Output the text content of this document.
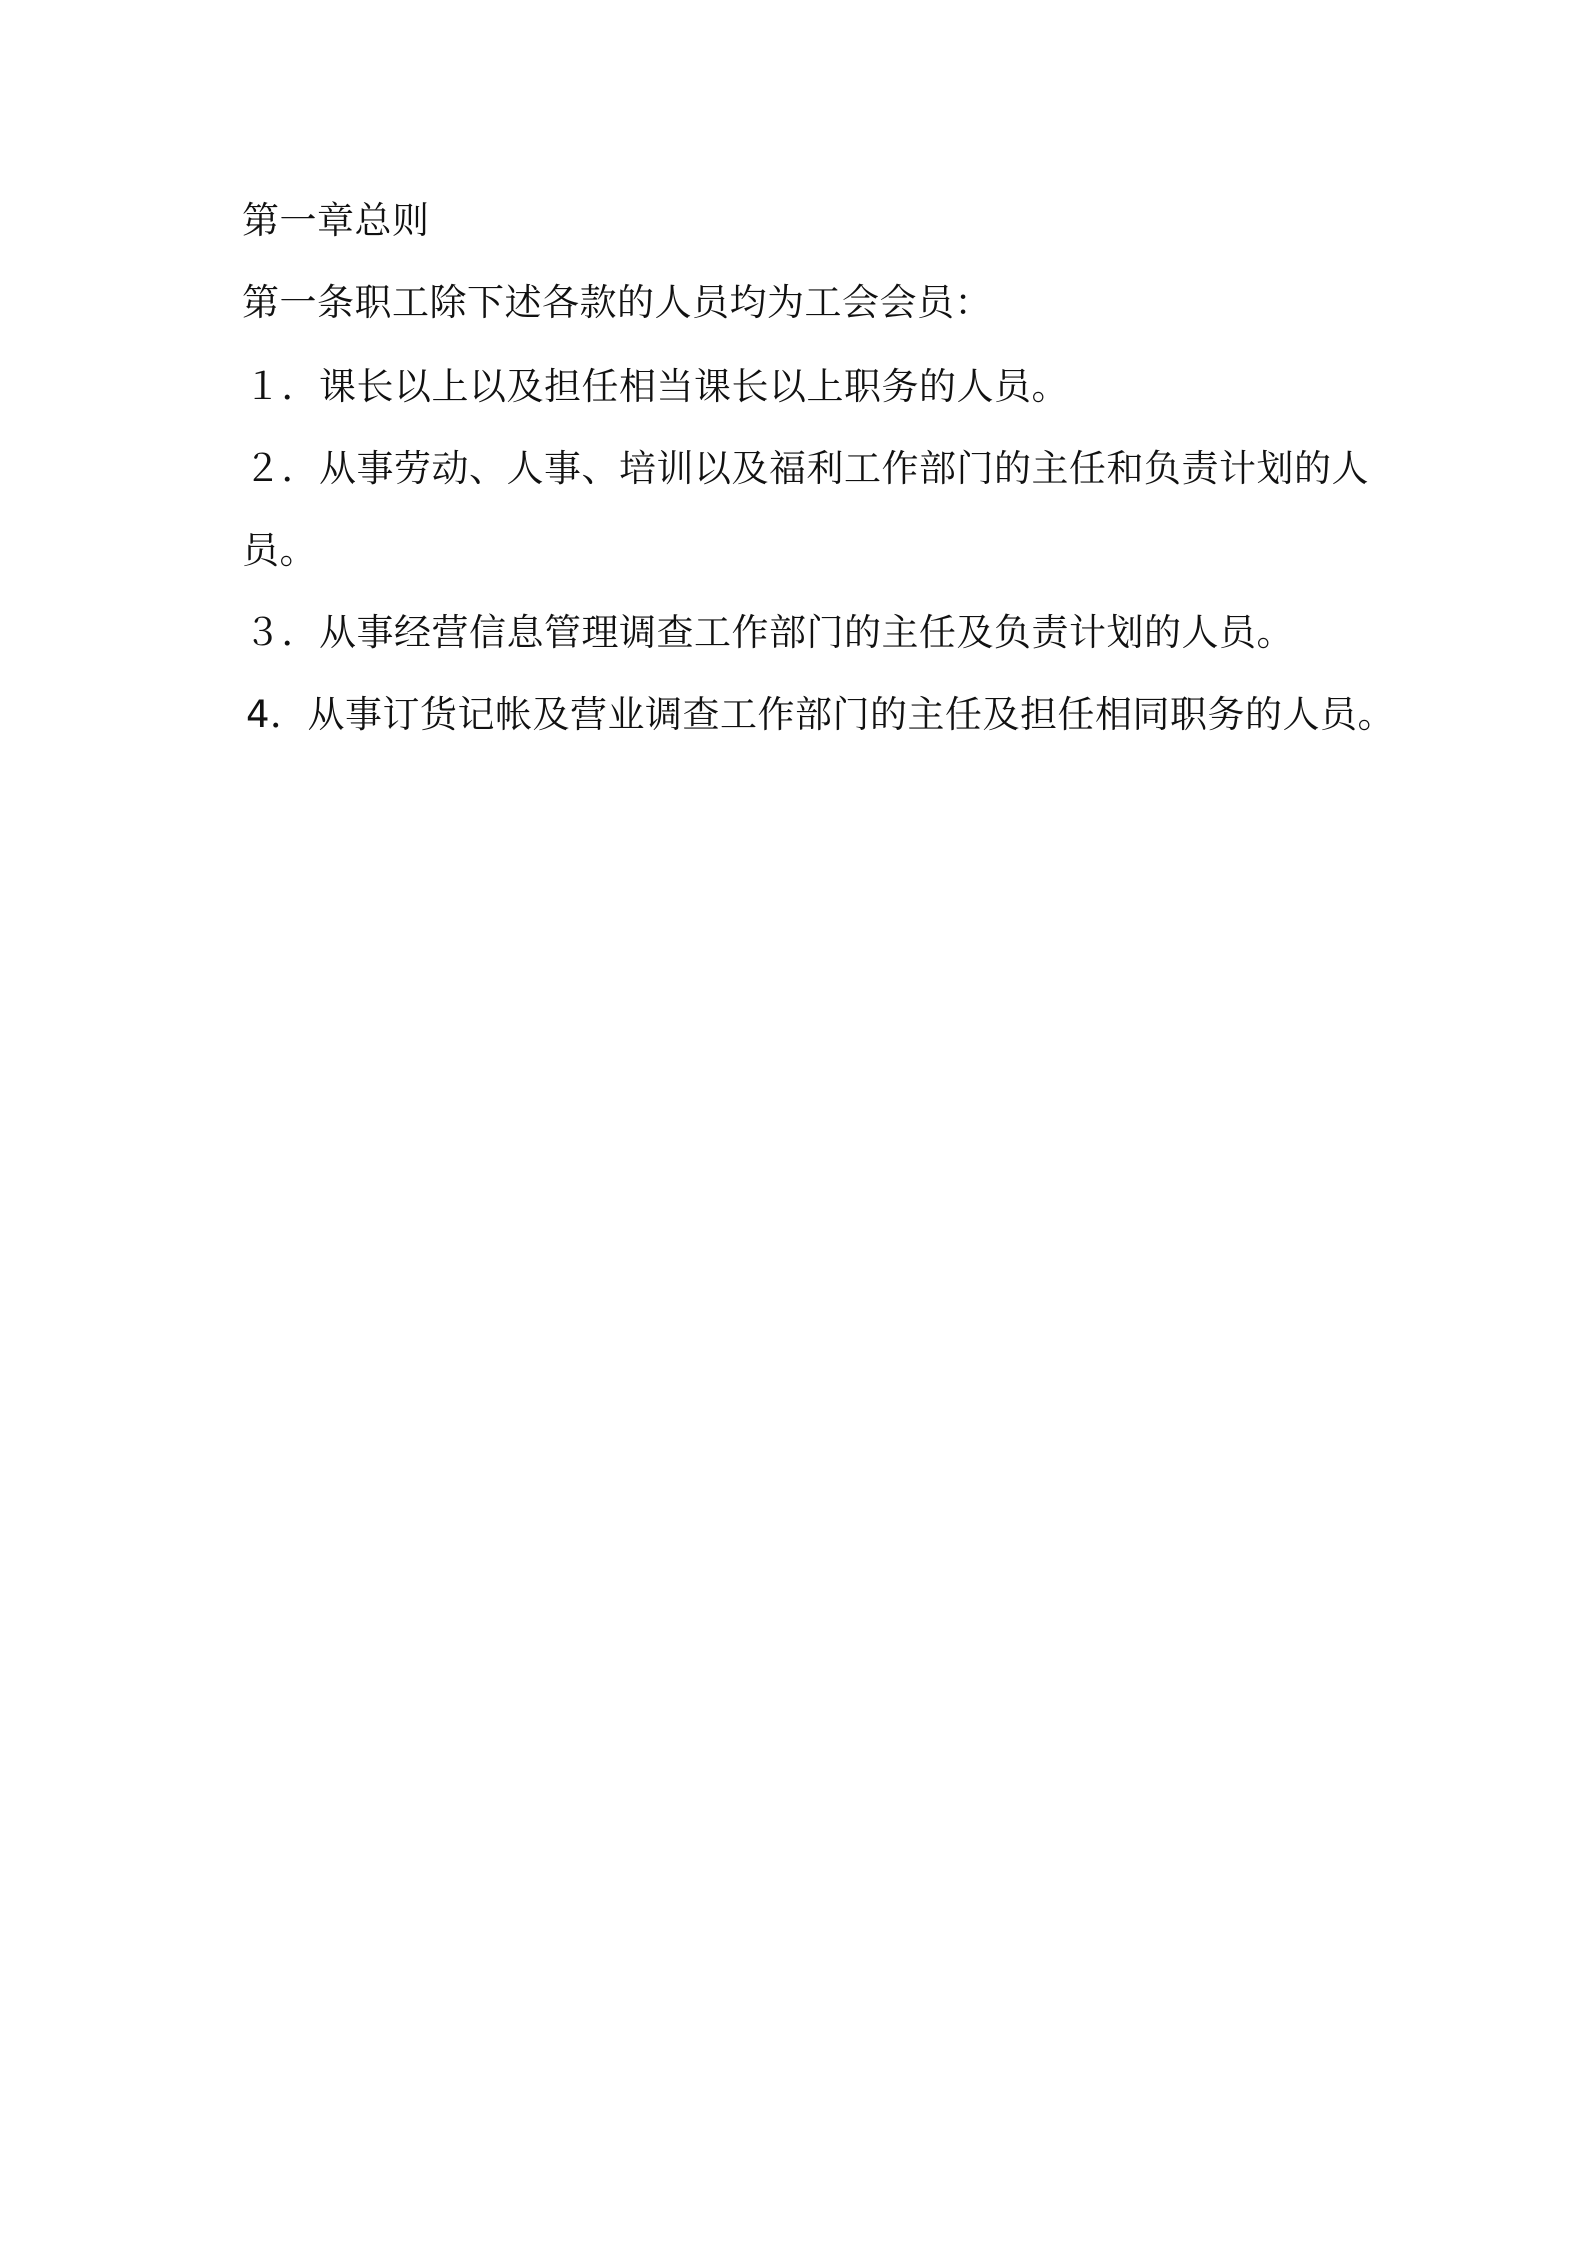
第一章总则
第一条职工除下述各款的人员均为工会会员：
１．课长以上以及担任相当课长以上职务的人员。
２．从事劳动、人事、培训以及福利工作部门的主任和负责计划的人
员。
３．从事经营信息管理调查工作部门的主任及负责计划的人员。
4．从事订货记帐及营业调查工作部门的主任及担任相同职务的人员。
